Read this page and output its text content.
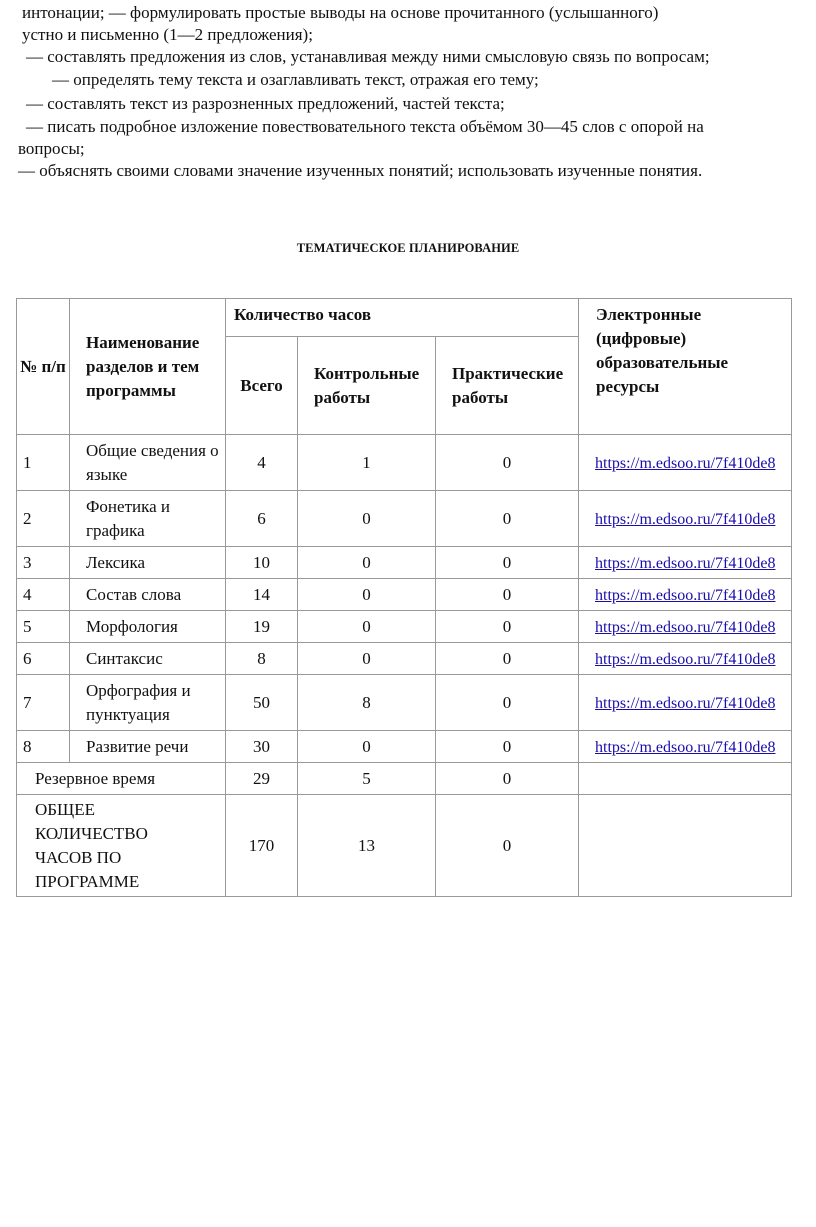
интонации; — формулировать простые выводы на основе прочитанного (услышанного)
устно и письменно (1—2 предложения);
— составлять предложения из слов, устанавливая между ними смысловую связь по вопросам;
— определять тему текста и озаглавливать текст, отражая его тему;
— составлять текст из разрозненных предложений, частей текста;
— писать подробное изложение повествовательного текста объёмом 30—45 слов с опорой на
вопросы;
— объяснять своими словами значение изученных понятий; использовать изученные понятия.
ТЕМАТИЧЕСКОЕ ПЛАНИРОВАНИЕ
№ п/п	Наименование разделов и тем программы	Количество часов			Электронные (цифровые) образовательные ресурсы
		Всего	Контрольные работы	Практические работы	
1	Общие сведения о языке	4	1	0	https://m.edsoo.ru/7f410de8
2	Фонетика и графика	6	0	0	https://m.edsoo.ru/7f410de8
3	Лексика	10	0	0	https://m.edsoo.ru/7f410de8
4	Состав слова	14	0	0	https://m.edsoo.ru/7f410de8
5	Морфология	19	0	0	https://m.edsoo.ru/7f410de8
6	Синтаксис	8	0	0	https://m.edsoo.ru/7f410de8
7	Орфография и пунктуация	50	8	0	https://m.edsoo.ru/7f410de8
8	Развитие речи	30	0	0	https://m.edsoo.ru/7f410de8
Резервное время		29	5	0	
ОБЩЕЕ КОЛИЧЕСТВО ЧАСОВ ПО ПРОГРАММЕ		170	13	0	
